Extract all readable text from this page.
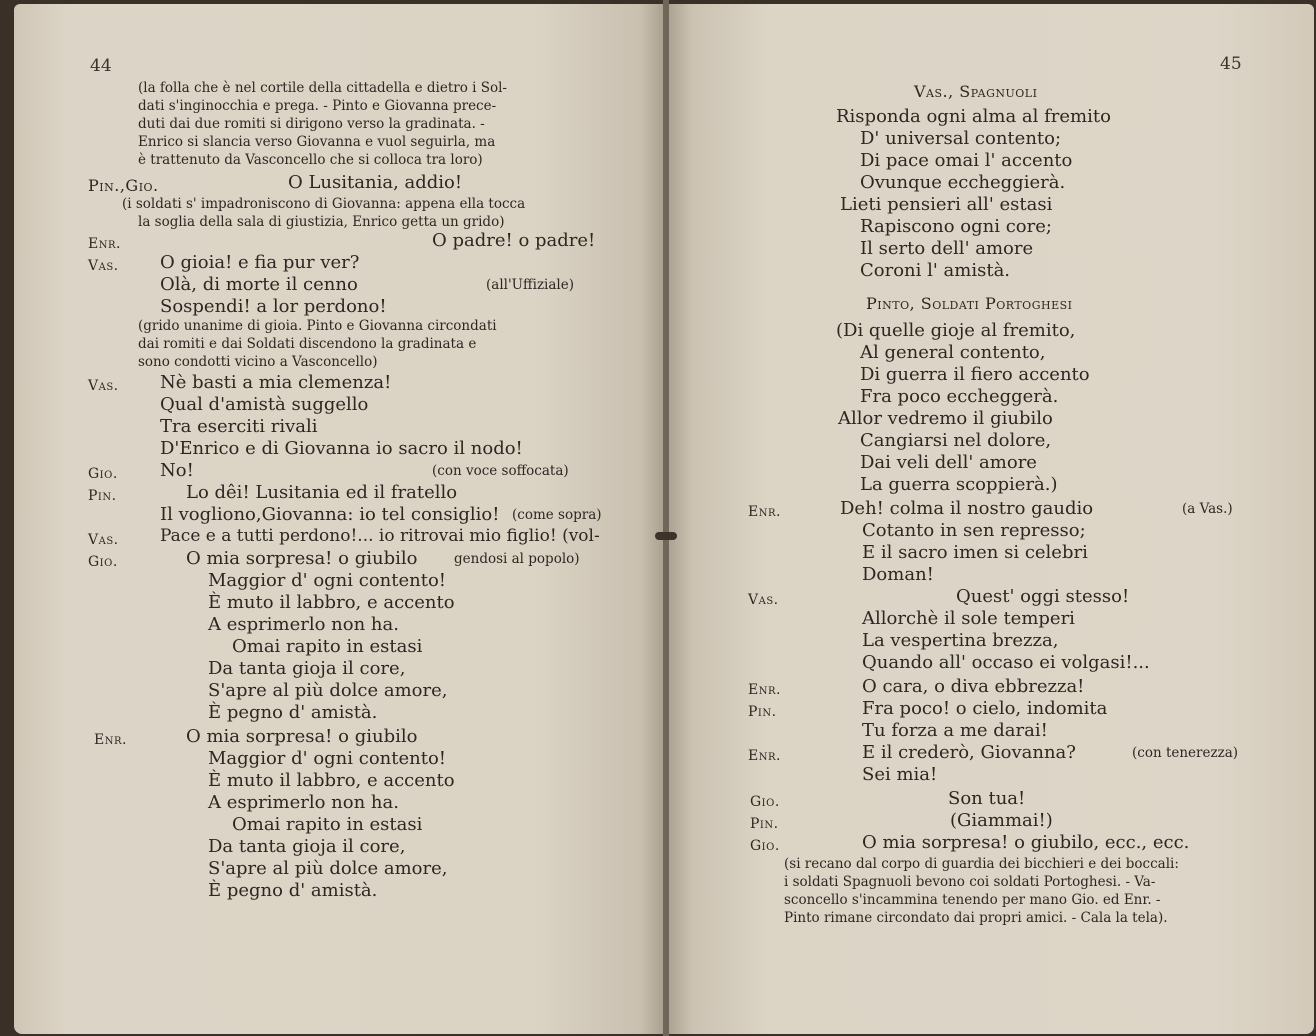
44
(la folla che è nel cortile della cittadella e dietro i Sol-
dati s'inginocchia e prega. - Pinto e Giovanna prece-
duti dai due romiti si dirigono verso la gradinata. -
Enrico si slancia verso Giovanna e vuol seguirla, ma
è trattenuto da Vasconcello che si colloca tra loro)
Pin.,Gio.	O Lusitania, addio!
(i soldati s' impadroniscono di Giovanna: appena ella tocca
la soglia della sala di giustizia, Enrico getta un grido)
Enr.	O padre! o padre!
Vas. O gioia! e fia pur ver?
Olà, di morte il cenno	(all'Uffiziale)
Sospendi! a lor perdono!
(grido unanime di gioia. Pinto e Giovanna circondati
dai romiti e dai Soldati discendono la gradinata e
sono condotti vicino a Vasconcello)
Vas. Nè basti a mia clemenza!
Qual d'amistà suggello
Tra eserciti rivali
D'Enrico e di Giovanna io sacro il nodo!
Gio. No!	(con voce soffocata)
Pin.	Lo dêi! Lusitania ed il fratello
Il vogliono,Giovanna: io tel consiglio! (come sopra)
Vas. Pace e a tutti perdono!... io ritrovai mio figlio! (vol-
Gio.	O mia sorpresa! o giubilo	gendosi al popolo)
Maggior d' ogni contento!
È muto il labbro, e accento
A esprimerlo non ha.
Omai rapito in estasi
Da tanta gioja il core,
S'apre al più dolce amore,
È pegno d' amistà.
Enr.	O mia sorpresa! o giubilo
Maggior d' ogni contento!
È muto il labbro, e accento
A esprimerlo non ha.
Omai rapito in estasi
Da tanta gioja il core,
S'apre al più dolce amore,
È pegno d' amistà.
45
Vas., Spagnuoli
Risponda ogni alma al fremito
D' universal contento;
Di pace omai l' accento
Ovunque eccheggierà.
Lieti pensieri all' estasi
Rapiscono ogni core;
Il serto dell' amore
Coroni l' amistà.
Pinto, Soldati Portoghesi
(Di quelle gioje al fremito,
Al general contento,
Di guerra il fiero accento
Fra poco eccheggerà.
Allor vedremo il giubilo
Cangiarsi nel dolore,
Dai veli dell' amore
La guerra scoppierà.)
Enr.	Deh! colma il nostro gaudio	(a Vas.)
Cotanto in sen represso;
E il sacro imen si celebri
Doman!
Vas.	Quest' oggi stesso!
Allorchè il sole temperi
La vespertina brezza,
Quando all' occaso ei volgasi!...
Enr.	O cara, o diva ebbrezza!
Pin.	Fra poco! o cielo, indomita
Tu forza a me darai!
Enr.	E il crederò, Giovanna?	(con tenerezza)
Sei mia!
Gio.	Son tua!
Pin.	(Giammai!)
Gio.	O mia sorpresa! o giubilo, ecc., ecc.
(si recano dal corpo di guardia dei bicchieri e dei boccali:
i soldati Spagnuoli bevono coi soldati Portoghesi. - Va-
sconcello s'incammina tenendo per mano Gio. ed Enr. -
Pinto rimane circondato dai propri amici. - Cala la tela).
